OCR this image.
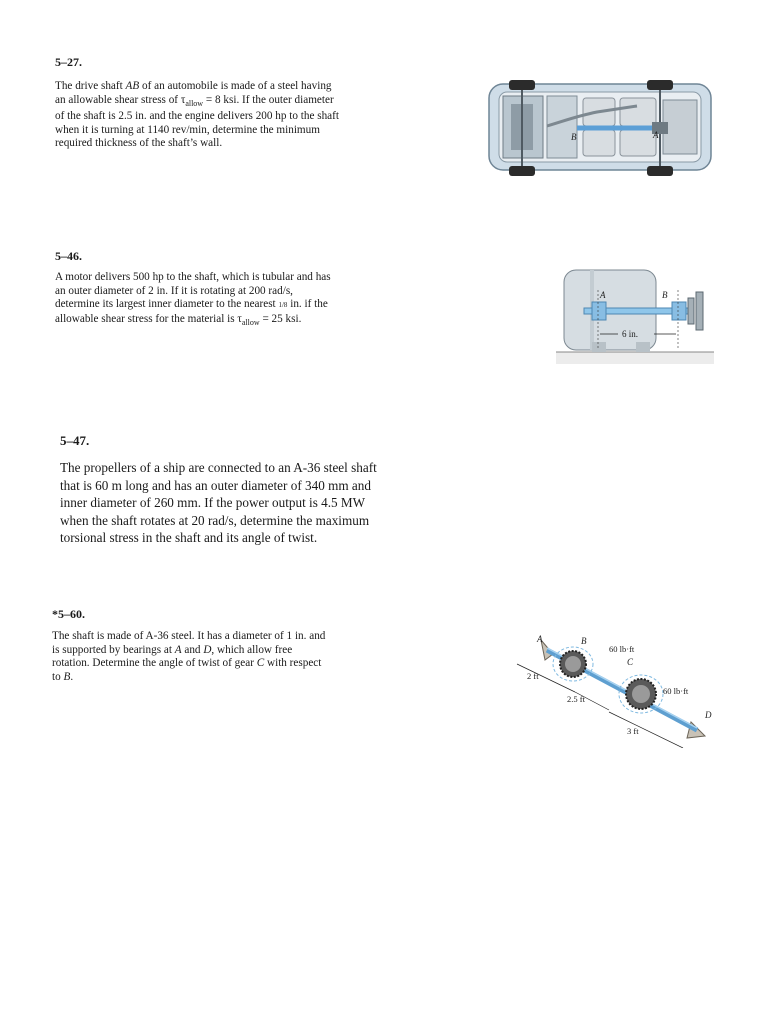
5–27.
The drive shaft AB of an automobile is made of a steel having
an allowable shear stress of $\tau_{allow} = 8$ ksi. If the outer diameter
of the shaft is 2.5 in. and the engine delivers 200 hp to the shaft
when it is turning at 1140 rev/min, determine the minimum
required thickness of the shaft’s wall.
B	A
5–46.
A motor delivers 500 hp to the shaft, which is tubular and has
an outer diameter of 2 in. If it is rotating at 200 rad/s,
determine its largest inner diameter to the nearest 1/8 in. if the
allowable shear stress for the material is $\tau_{allow} = 25$ ksi.
A	B
6 in.
5–47.
The propellers of a ship are connected to an A-36 steel shaft
that is 60 m long and has an outer diameter of 340 mm and
inner diameter of 260 mm. If the power output is 4.5 MW
when the shaft rotates at 20 rad/s, determine the maximum
torsional stress in the shaft and its angle of twist.
*5–60.
The shaft is made of A-36 steel. It has a diameter of 1 in. and
is supported by bearings at A and D, which allow free
rotation. Determine the angle of twist of gear C with respect
to B.
A	B
60 lb·ft
C
2 ft
2.5 ft
60 lb·ft
D
3 ft
